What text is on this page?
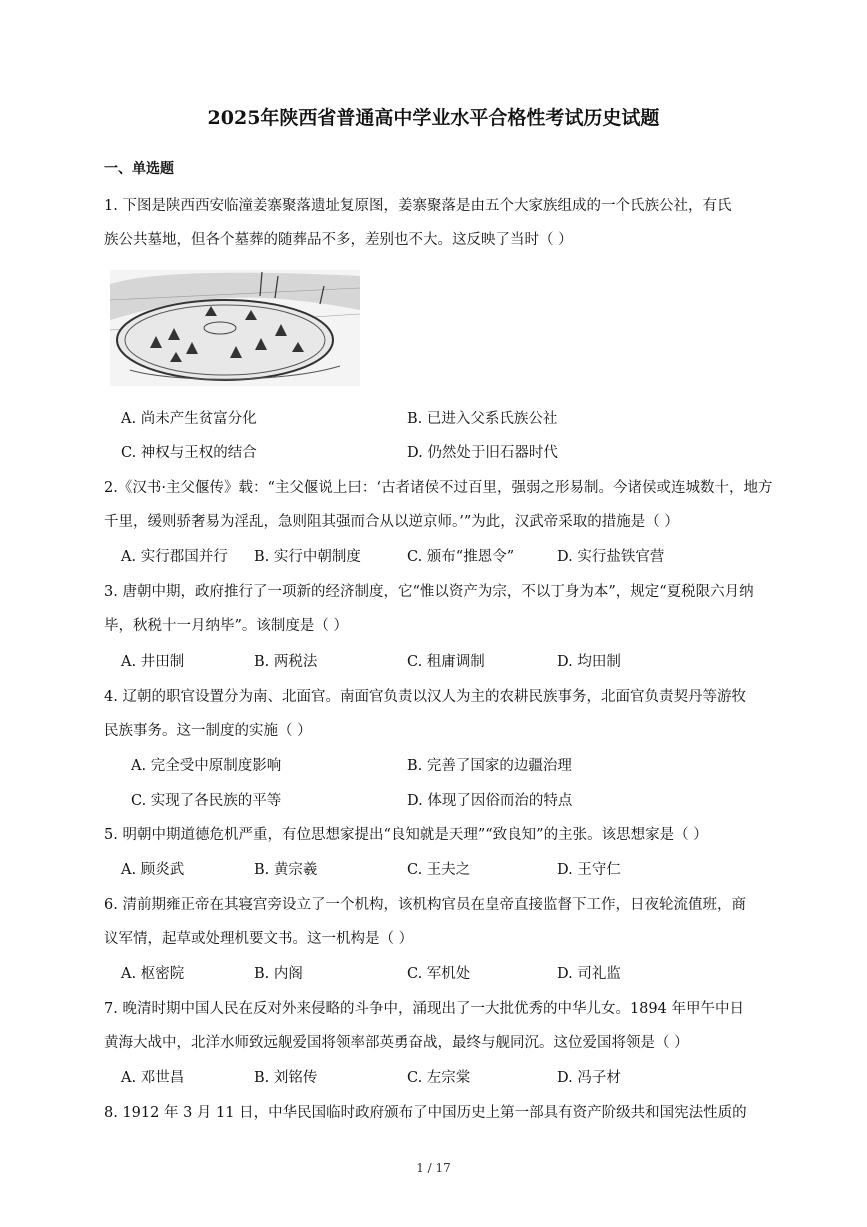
2025年陕西省普通高中学业水平合格性考试历史试题
一、单选题
1. 下图是陕西西安临潼姜寨聚落遗址复原图，姜寨聚落是由五个大家族组成的一个氏族公社，有氏
族公共墓地，但各个墓葬的随葬品不多，差别也不大。这反映了当时（ ）
A. 尚未产生贫富分化	B. 已进入父系氏族公社
C. 神权与王权的结合	D. 仍然处于旧石器时代
2.《汉书·主父偃传》载：“主父偃说上曰：‘古者诸侯不过百里，强弱之形易制。今诸侯或连城数十，地方
千里，缓则骄奢易为淫乱，急则阻其强而合从以逆京师。’”为此，汉武帝采取的措施是（ ）
A. 实行郡国并行 B. 实行中朝制度	C. 颁布“推恩令”	D. 实行盐铁官营
3. 唐朝中期，政府推行了一项新的经济制度，它“惟以资产为宗，不以丁身为本”，规定“夏税限六月纳
毕，秋税十一月纳毕”。该制度是（ ）
A. 井田制	B. 两税法	C. 租庸调制	D. 均田制
4. 辽朝的职官设置分为南、北面官。南面官负责以汉人为主的农耕民族事务，北面官负责契丹等游牧
民族事务。这一制度的实施（ ）
A. 完全受中原制度影响	B. 完善了国家的边疆治理
C. 实现了各民族的平等	D. 体现了因俗而治的特点
5. 明朝中期道德危机严重，有位思想家提出“良知就是天理”“致良知”的主张。该思想家是（ ）
A. 顾炎武	B. 黄宗羲	C. 王夫之	D. 王守仁
6. 清前期雍正帝在其寝宫旁设立了一个机构，该机构官员在皇帝直接监督下工作，日夜轮流值班，商
议军情，起草或处理机要文书。这一机构是（ ）
A. 枢密院	B. 内阁	C. 军机处	D. 司礼监
7. 晚清时期中国人民在反对外来侵略的斗争中，涌现出了一大批优秀的中华儿女。1894 年甲午中日
黄海大战中，北洋水师致远舰爱国将领率部英勇奋战，最终与舰同沉。这位爱国将领是（ ）
A. 邓世昌	B. 刘铭传	C. 左宗棠	D. 冯子材
8. 1912 年 3 月 11 日，中华民国临时政府颁布了中国历史上第一部具有资产阶级共和国宪法性质的
1 / 17
